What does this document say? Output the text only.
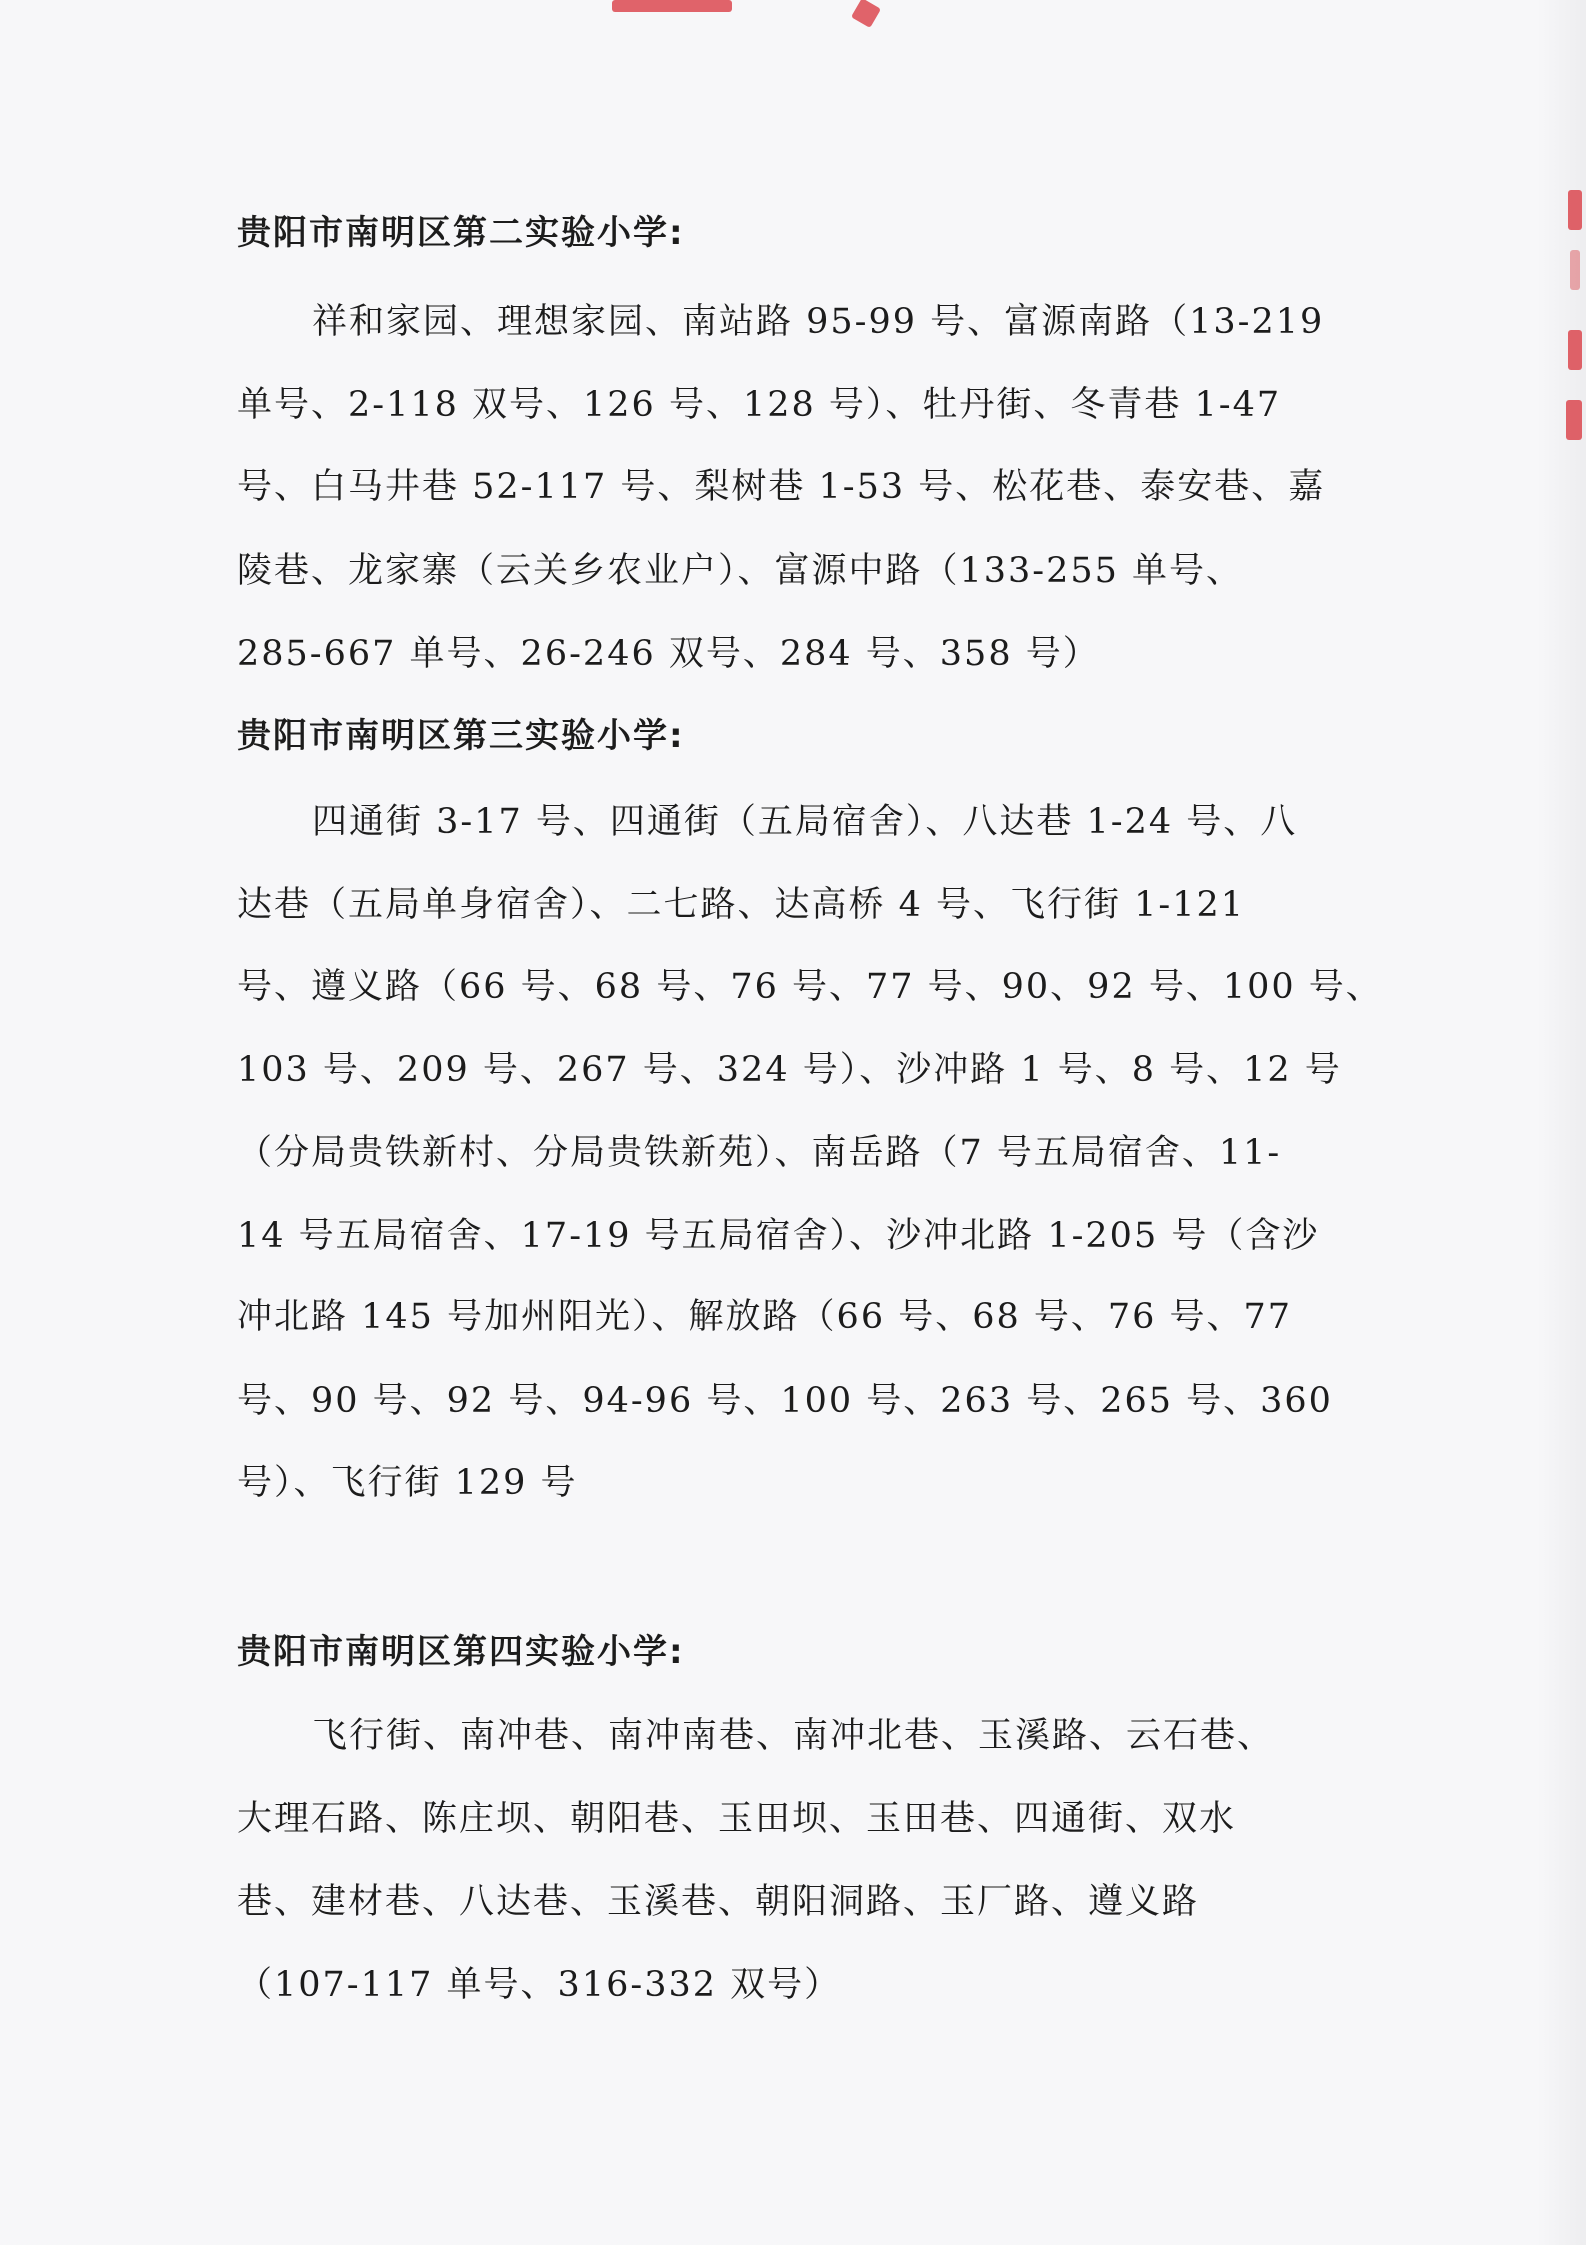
贵阳市南明区第二实验小学:
祥和家园、理想家园、南站路 95-99 号、富源南路（13-219
单号、2-118 双号、126 号、128 号）、牡丹街、冬青巷 1-47
号、白马井巷 52-117 号、梨树巷 1-53 号、松花巷、泰安巷、嘉
陵巷、龙家寨（云关乡农业户）、富源中路（133-255 单号、
285-667 单号、26-246 双号、284 号、358 号）
贵阳市南明区第三实验小学:
四通街 3-17 号、四通街（五局宿舍）、八达巷 1-24 号、八
达巷（五局单身宿舍）、二七路、达高桥 4 号、飞行街 1-121
号、遵义路（66 号、68 号、76 号、77 号、90、92 号、100 号、
103 号、209 号、267 号、324 号）、沙冲路 1 号、8 号、12 号
（分局贵铁新村、分局贵铁新苑）、南岳路（7 号五局宿舍、11-
14 号五局宿舍、17-19 号五局宿舍）、沙冲北路 1-205 号（含沙
冲北路 145 号加州阳光）、解放路（66 号、68 号、76 号、77
号、90 号、92 号、94-96 号、100 号、263 号、265 号、360
号）、飞行街 129 号
贵阳市南明区第四实验小学:
飞行街、南冲巷、南冲南巷、南冲北巷、玉溪路、云石巷、
大理石路、陈庄坝、朝阳巷、玉田坝、玉田巷、四通街、双水
巷、建材巷、八达巷、玉溪巷、朝阳洞路、玉厂路、遵义路
（107-117 单号、316-332 双号）
